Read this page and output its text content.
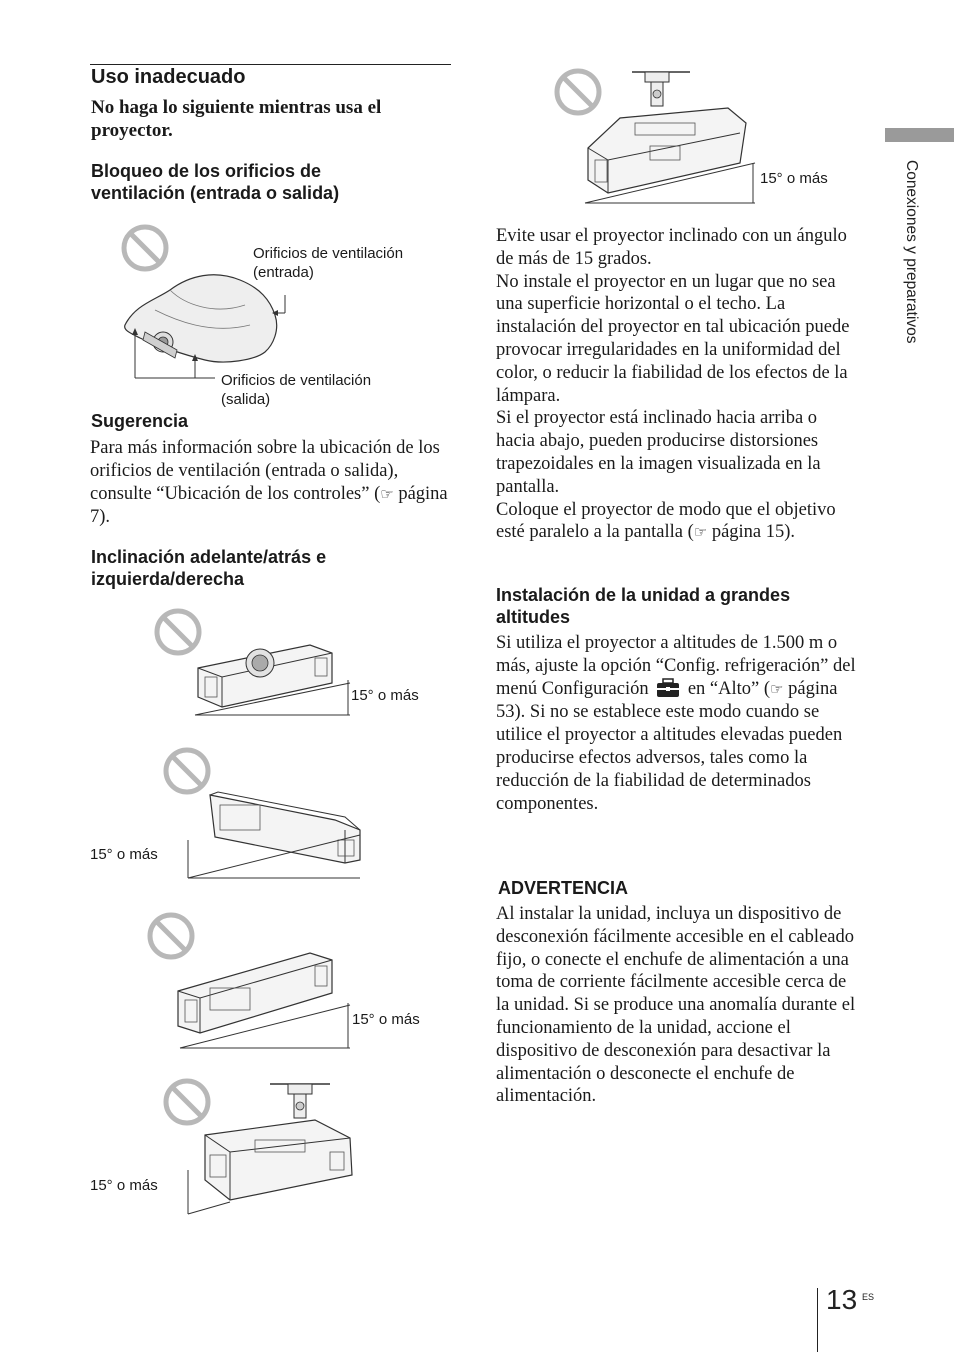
Conexiones y preparativos
Uso inadecuado
No haga lo siguiente mientras usa el proyector.
Bloqueo de los orificios de ventilación (entrada o salida)
Orificios de ventilación (entrada)
Orificios de ventilación (salida)
Sugerencia
Para más información sobre la ubicación de los orificios de ventilación (entrada o salida), consulte “Ubicación de los controles” (☞ página 7).
Inclinación adelante/atrás e izquierda/derecha
15° o más
15° o más
15° o más
15° o más
15° o más

Evite usar el proyector inclinado con un ángulo de más de 15 grados.

No instale el proyector en un lugar que no sea una superficie horizontal o el techo. La instalación del proyector en tal ubicación puede provocar irregularidades en la uniformidad del color, o reducir la fiabilidad de los efectos de la lámpara.

Si el proyector está inclinado hacia arriba o hacia abajo, pueden producirse distorsiones trapezoidales en la imagen visualizada en la pantalla.

Coloque el proyector de modo que el objetivo esté paralelo a la pantalla (☞ página 15).

Instalación de la unidad a grandes altitudes
Si utiliza el proyector a altitudes de 1.500 m o más, ajuste la opción “Config. refrigeración” del menú Configuración en “Alto” (☞ página 53). Si no se establece este modo cuando se utilice el proyector a altitudes elevadas pueden producirse efectos adversos, tales como la reducción de la fiabilidad de determinados componentes.
ADVERTENCIA
Al instalar la unidad, incluya un dispositivo de desconexión fácilmente accesible en el cableado fijo, o conecte el enchufe de alimentación a una toma de corriente fácilmente accesible cerca de la unidad. Si se produce una anomalía durante el funcionamiento de la unidad, accione el dispositivo de desconexión para desactivar la alimentación o desconecte el enchufe de alimentación.
13 ES
